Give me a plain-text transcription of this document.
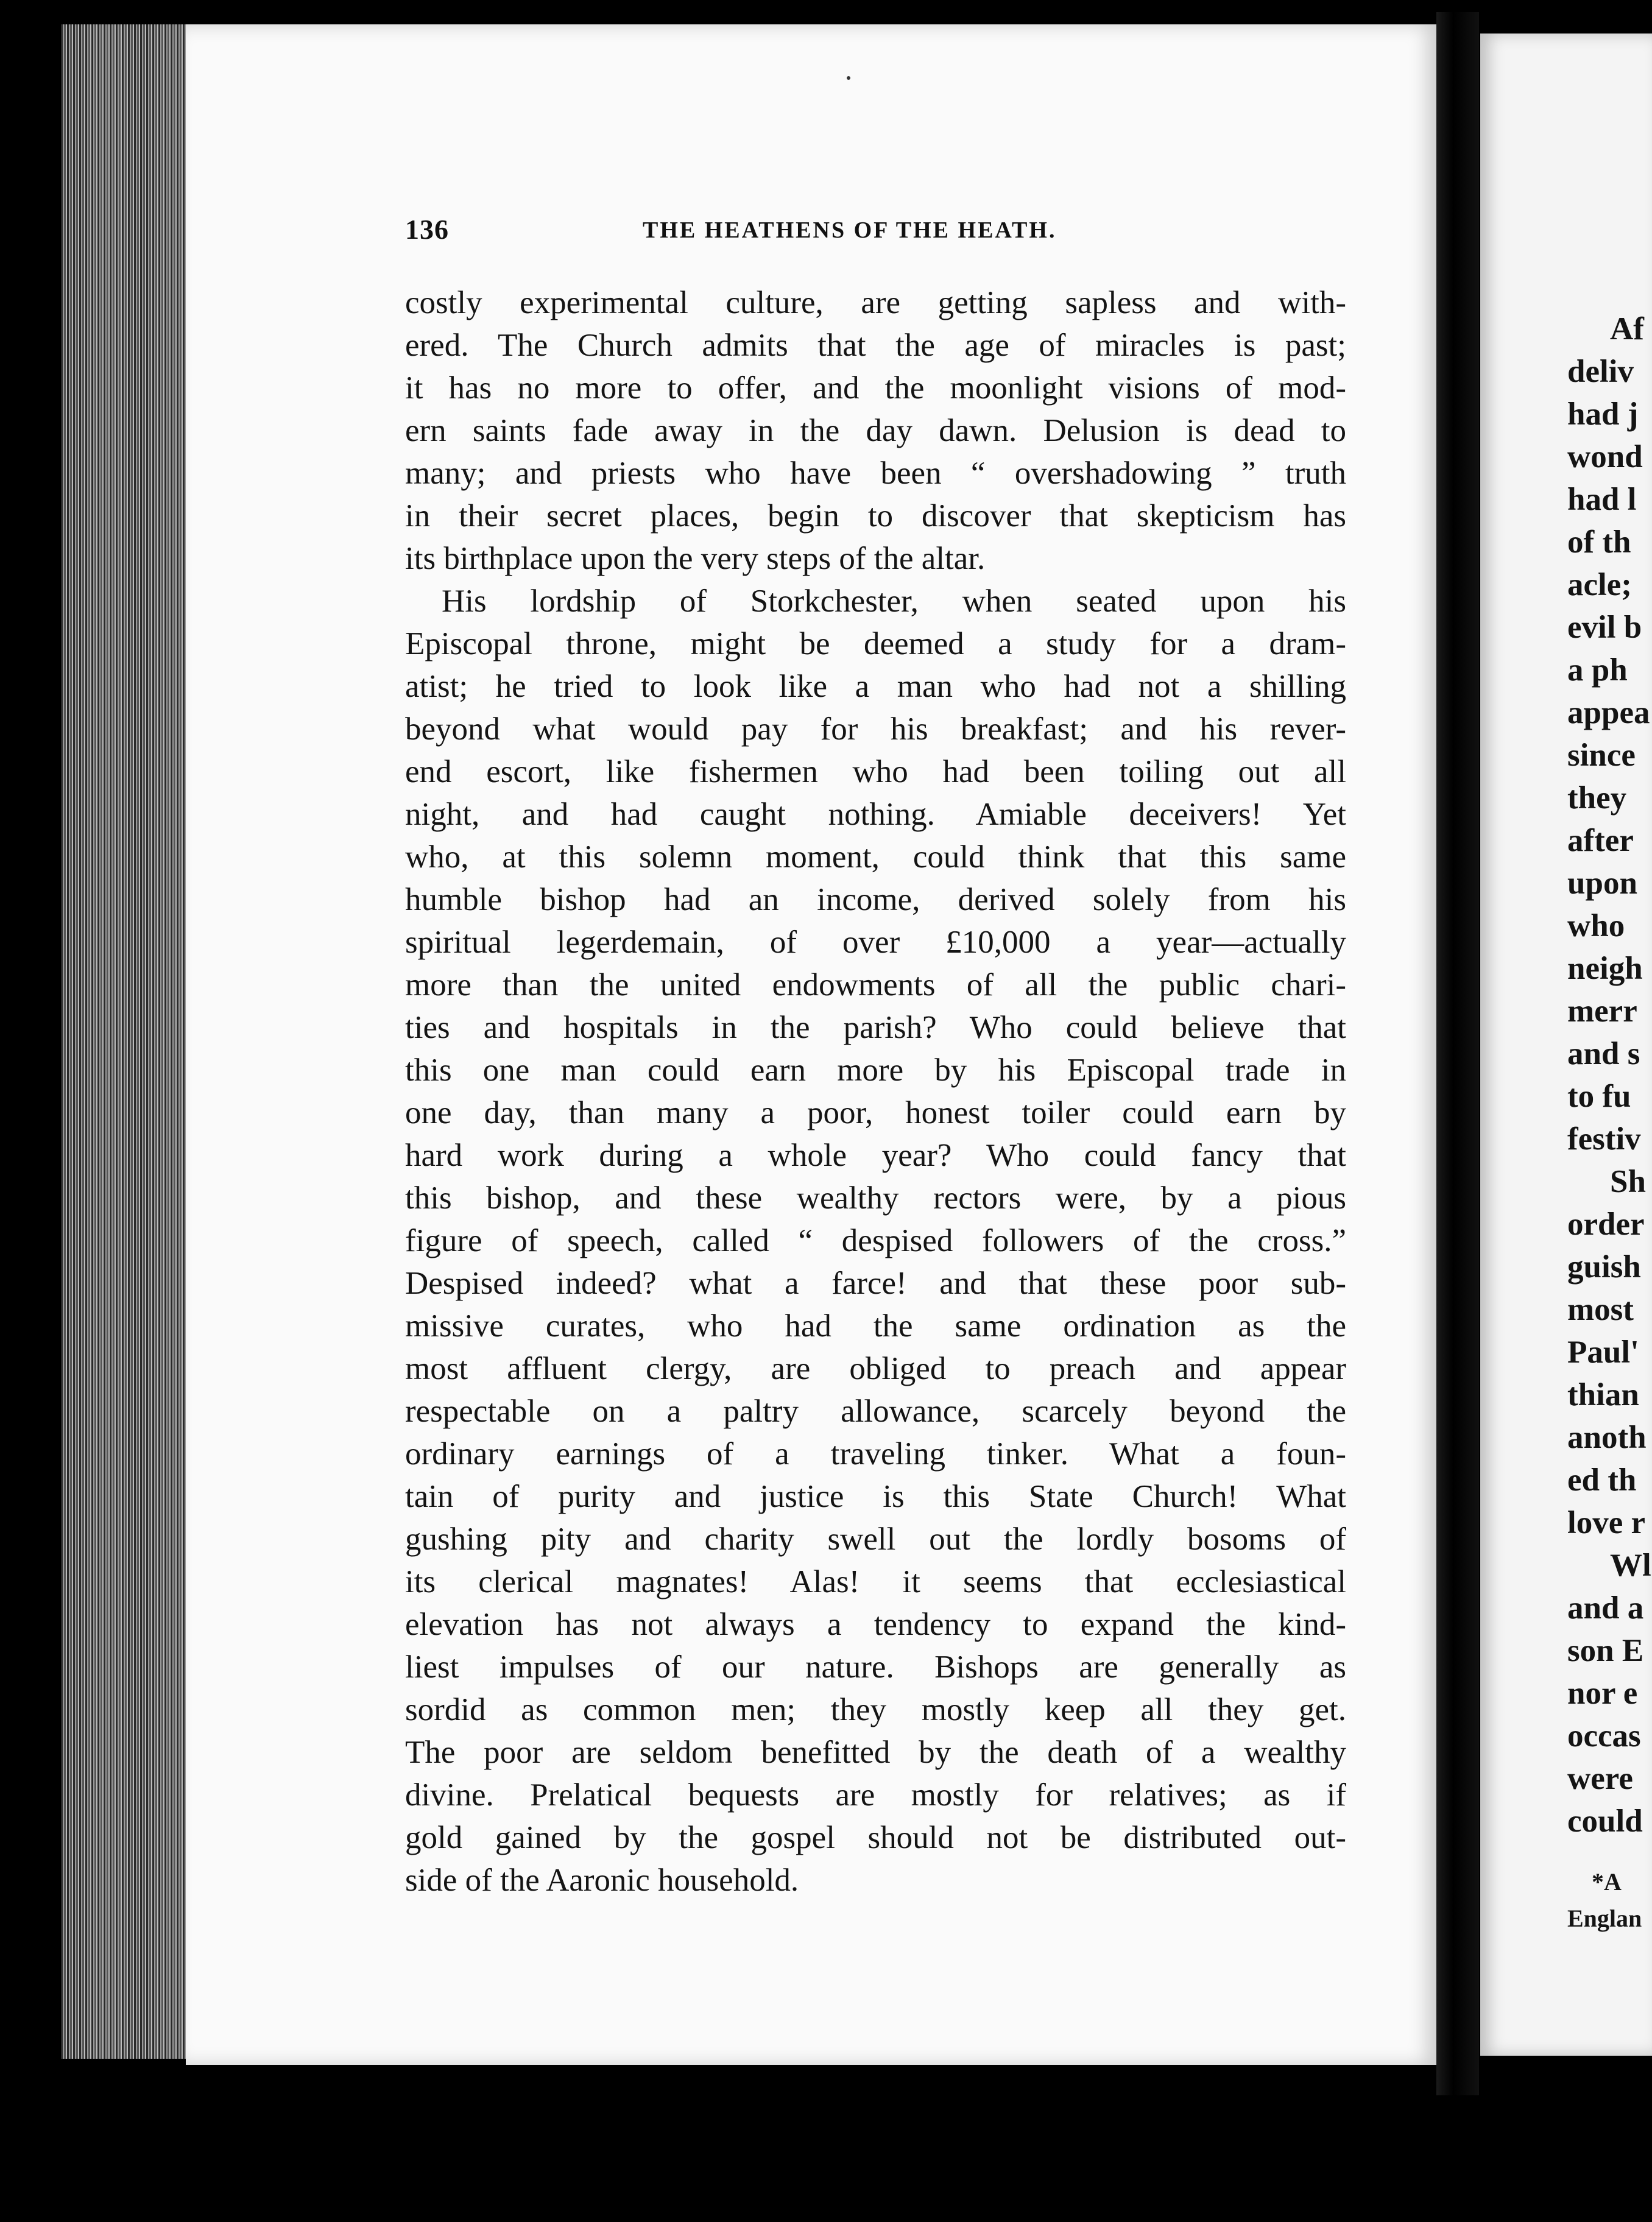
136	THE HEATHENS OF THE HEATH.
costly experimental culture, are getting sapless and with-
ered. The Church admits that the age of miracles is past;
it has no more to offer, and the moonlight visions of mod-
ern saints fade away in the day dawn. Delusion is dead to
many; and priests who have been “ overshadowing ” truth
in their secret places, begin to discover that skepticism has
its birthplace upon the very steps of the altar.
His lordship of Storkchester, when seated upon his
Episcopal throne, might be deemed a study for a dram-
atist; he tried to look like a man who had not a shilling
beyond what would pay for his breakfast; and his rever-
end escort, like fishermen who had been toiling out all
night, and had caught nothing. Amiable deceivers! Yet
who, at this solemn moment, could think that this same
humble bishop had an income, derived solely from his
spiritual legerdemain, of over £10,000 a year—actually
more than the united endowments of all the public chari-
ties and hospitals in the parish? Who could believe that
this one man could earn more by his Episcopal trade in
one day, than many a poor, honest toiler could earn by
hard work during a whole year? Who could fancy that
this bishop, and these wealthy rectors were, by a pious
figure of speech, called “ despised followers of the cross.”
Despised indeed? what a farce! and that these poor sub-
missive curates, who had the same ordination as the
most affluent clergy, are obliged to preach and appear
respectable on a paltry allowance, scarcely beyond the
ordinary earnings of a traveling tinker. What a foun-
tain of purity and justice is this State Church! What
gushing pity and charity swell out the lordly bosoms of
its clerical magnates! Alas! it seems that ecclesiastical
elevation has not always a tendency to expand the kind-
liest impulses of our nature. Bishops are generally as
sordid as common men; they mostly keep all they get.
The poor are seldom benefitted by the death of a wealthy
divine. Prelatical bequests are mostly for relatives; as if
gold gained by the gospel should not be distributed out-
side of the Aaronic household.
Af
deliv
had j
wond
had l
of th
acle;
evil b
a ph
appea
since
they
after
upon
who
neigh
merr
and s
to fu
festiv
Sh
order
guish
most
Paul'
thian
anoth
ed th
love r
Wl
and a
son E
nor e
occas
were
could
*A
Englan
